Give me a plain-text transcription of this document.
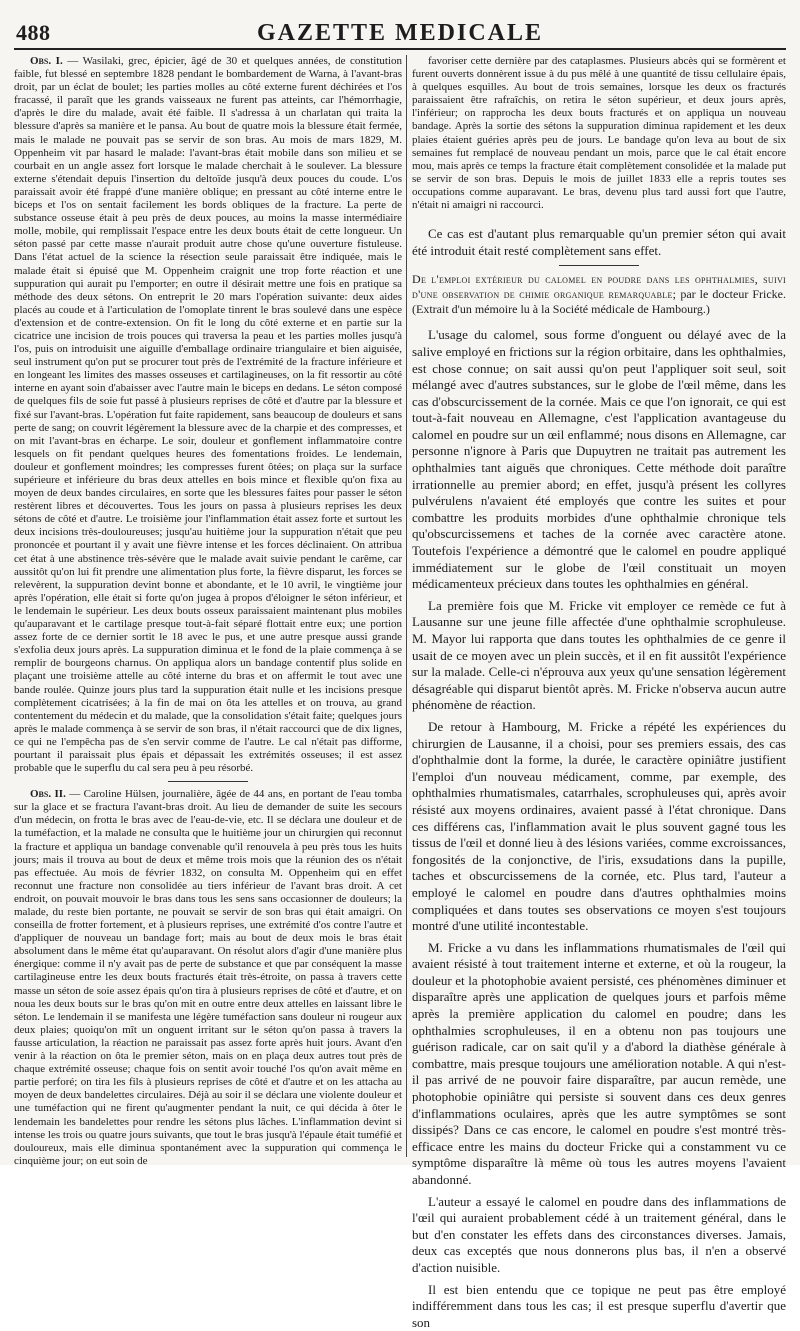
488	GAZETTE MEDICALE

Obs. I. — Wasilaki, grec, épicier, âgé de 30 et quelques années, de constitution faible, fut blessé en septembre 1828 pendant le bombardement de Warna, à l'avant-bras droit, par un éclat de boulet; les parties molles au côté externe furent déchirées et l'os fracassé, il paraît que les grands vaisseaux ne furent pas atteints, car l'hémorrhagie, d'après le dire du malade, avait été faible. Il s'adressa à un charlatan qui traita la blessure d'après sa manière et le pansa. Au bout de quatre mois la blessure était fermée, mais le malade ne pouvait pas se servir de son bras. Au mois de mars 1829, M. Oppenheim vit par hasard le malade: l'avant-bras était mobile dans son milieu et se courbait en un angle assez fort lorsque le malade cherchait à le soulever. La blessure externe s'étendait depuis l'insertion du deltoïde jusqu'à deux pouces du coude. L'os paraissait avoir été frappé d'une manière oblique; en pressant au côté interne entre le biceps et l'os on sentait facilement les bords obliques de la fracture. La perte de substance osseuse était à peu près de deux pouces, au moins la masse intermédiaire molle, mobile, qui remplissait l'espace entre les deux bouts était de cette longueur. Un séton passé par cette masse n'aurait produit autre chose qu'une ouverture fistuleuse. Dans l'état actuel de la science la résection seule paraissait être indiquée, mais le malade était si épuisé que M. Oppenheim craignit une trop forte réaction et une suppuration qui aurait pu l'emporter; en outre il désirait mettre une fois en pratique sa méthode des deux sétons. On entreprit le 20 mars l'opération suivante: deux aides placés au coude et à l'articulation de l'omoplate tinrent le bras soulevé dans une espèce d'extension et de contre-extension. On fit le long du côté externe et en partie sur la cicatrice une incision de trois pouces qui traversa la peau et les parties molles jusqu'à l'os, puis on introduisit une aiguille d'emballage ordinaire triangulaire et bien aiguisée, seul instrument qu'on put se procurer tout près de l'extrémité de la fracture inférieure et en longeant les limites des masses osseuses et cartilagineuses, on la fit ressortir au côté interne en ayant soin d'abaisser avec l'autre main le biceps en dedans. Le séton composé de quelques fils de soie fut passé à plusieurs reprises de côté et d'autre par la blessure et fixé sur l'avant-bras. L'opération fut faite rapidement, sans beaucoup de douleurs et sans perte de sang; on couvrit légèrement la blessure avec de la charpie et des compresses, et on mit l'avant-bras en écharpe. Le soir, douleur et gonflement inflammatoire contre lesquels on fit pendant quelques heures des fomentations froides. Le lendemain, douleur et gonflement moindres; les compresses furent ôtées; on plaça sur la surface supérieure et inférieure du bras deux attelles en bois mince et flexible qu'on fixa au moyen de deux bandes circulaires, en sorte que les blessures faites pour passer le séton restèrent libres et découvertes. Tous les jours on passa à plusieurs reprises les deux sétons de côté et d'autre. Le troisième jour l'inflammation était assez forte et surtout les deux incisions très-douloureuses; jusqu'au huitième jour la suppuration n'était que peu prononcée et pourtant il y avait une fièvre intense et les forces déclinaient. On attribua cet état à une abstinence très-sévère que le malade avait suivie pendant le carême, car aussitôt qu'on lui fit prendre une alimentation plus forte, la fièvre disparut, les forces se relevèrent, la suppuration devint bonne et abondante, et le 10 avril, le vingtième jour après l'opération, elle était si forte qu'on jugea à propos d'éloigner le séton inférieur, et le lendemain le supérieur. Les deux bouts osseux paraissaient maintenant plus mobiles qu'auparavant et le cartilage presque tout-à-fait séparé flottait entre eux; une portion assez forte de ce dernier sortit le 18 avec le pus, et une autre presque aussi grande s'exfolia deux jours après. La suppuration diminua et le fond de la plaie commença à se remplir de bourgeons charnus. On appliqua alors un bandage contentif plus solide en plaçant une troisième attelle au côté interne du bras et on affermit le tout avec une bande roulée. Quinze jours plus tard la suppuration était nulle et les incisions presque complètement cicatrisées; à la fin de mai on ôta les attelles et on trouva, au grand contentement du médecin et du malade, que la consolidation s'était faite; quelques jours après le malade commença à se servir de son bras, il n'était raccourci que de dix lignes, ce qui ne l'empêcha pas de s'en servir comme de l'autre. Le cal n'était pas difforme, pourtant il paraissait plus épais et dépassait les extrémités osseuses; il est assez probable que le superflu du cal sera peu à peu résorbé.

Obs. II. — Caroline Hülsen, journalière, âgée de 44 ans, en portant de l'eau tomba sur la glace et se fractura l'avant-bras droit. Au lieu de demander de suite les secours d'un médecin, on frotta le bras avec de l'eau-de-vie, etc. Il se déclara une douleur et de la tuméfaction, et la malade ne consulta que le huitième jour un chirurgien qui reconnut la fracture et appliqua un bandage convenable qu'il renouvela à peu près tous les huits jours; mais il trouva au bout de deux et même trois mois que la réunion des os n'était pas effectuée. Au mois de février 1832, on consulta M. Oppenheim qui en effet reconnut une fracture non consolidée au tiers inférieur de l'avant bras droit. A cet endroit, on pouvait mouvoir le bras dans tous les sens sans occasionner de douleurs; la malade, du reste bien portante, ne pouvait se servir de son bras qui était amaigri. On conseilla de frotter fortement, et à plusieurs reprises, une extrémité d'os contre l'autre et d'appliquer de nouveau un bandage fort; mais au bout de deux mois le bras était absolument dans le même état qu'auparavant. On résolut alors d'agir d'une manière plus énergique: comme il n'y avait pas de perte de substance et que par conséquent la masse cartilagineuse entre les deux bouts fracturés était très-étroite, on passa à travers cette masse un séton de soie assez épais qu'on tira à plusieurs reprises de côté et d'autre, et on noua les deux bouts sur le bras qu'on mit en outre entre deux attelles en laissant libre le séton. Le lendemain il se manifesta une légère tuméfaction sans douleur ni rougeur aux deux plaies; quoiqu'on mît un onguent irritant sur le séton qu'on passa à travers la fausse articulation, la réaction ne paraissait pas assez forte après huit jours. Avant d'en venir à la réaction on ôta le premier séton, mais on en plaça deux autres tout près de chaque extrémité osseuse; chaque fois on sentit avoir touché l'os qu'on avait même en partie perforé; on tira les fils à plusieurs reprises de côté et d'autre et on les attacha au moyen de deux bandelettes circulaires. Déjà au soir il se déclara une violente douleur et une tuméfaction qui ne firent qu'augmenter pendant la nuit, ce qui décida à ôter le lendemain les bandelettes pour rendre les sétons plus lâches. L'inflammation devint si intense les trois ou quatre jours suivants, que tout le bras jusqu'à l'épaule était tuméfié et douloureux, mais elle diminua spontanément avec la suppuration qui commença le cinquième jour; on eut soin de

favoriser cette dernière par des cataplasmes. Plusieurs abcès qui se formèrent et furent ouverts donnèrent issue à du pus mêlé à une quantité de tissu cellulaire épais, à quelques esquilles. Au bout de trois semaines, lorsque les deux os fracturés paraissaient être rafraîchis, on retira le séton supérieur, et deux jours après, l'inférieur; on rapprocha les deux bouts fracturés et on appliqua un nouveau bandage. Après la sortie des sétons la suppuration diminua rapidement et les deux plaies étaient guéries après peu de jours. Le bandage qu'on leva au bout de six semaines fut remplacé de nouveau pendant un mois, parce que le cal était encore mou, mais après ce temps la fracture était complètement consolidée et la malade put se servir de son bras. Depuis le mois de juillet 1833 elle a repris toutes ses occupations comme auparavant. Le bras, devenu plus tard aussi fort que l'autre, n'était ni amaigri ni raccourci.

Ce cas est d'autant plus remarquable qu'un premier séton qui avait été introduit était resté complètement sans effet.

De l'emploi extérieur du calomel en poudre dans les ophthalmies, suivi d'une observation de chimie organique remarquable; par le docteur Fricke. (Extrait d'un mémoire lu à la Société médicale de Hambourg.)

L'usage du calomel, sous forme d'onguent ou délayé avec de la salive employé en frictions sur la région orbitaire, dans les ophthalmies, est chose connue; on sait aussi qu'on peut l'appliquer soit seul, soit mélangé avec d'autres substances, sur le globe de l'œil même, dans les cas d'obscurcissement de la cornée. Mais ce que l'on ignorait, ce qui est tout-à-fait nouveau en Allemagne, c'est l'application avantageuse du calomel en poudre sur un œil enflammé; nous disons en Allemagne, car personne n'ignore à Paris que Dupuytren ne traitait pas autrement les ophthalmies tant aiguës que chroniques. Cette méthode doit paraître irrationnelle au premier abord; en effet, jusqu'à présent les collyres pulvérulens n'avaient été employés que contre les suites et pour combattre les produits morbides d'une ophthalmie chronique tels qu'obscurcissemens et taches de la cornée avec caractère atone. Toutefois l'expérience a démontré que le calomel en poudre appliqué immédiatement sur le globe de l'œil constituait un moyen médicamenteux précieux dans toutes les ophthalmies en général.

La première fois que M. Fricke vit employer ce remède ce fut à Lausanne sur une jeune fille affectée d'une ophthalmie scrophuleuse. M. Mayor lui rapporta que dans toutes les ophthalmies de ce genre il usait de ce moyen avec un plein succès, et il en fit aussitôt l'expérience sur la malade. Celle-ci n'éprouva aux yeux qu'une sensation légèrement désagréable qui disparut bientôt après. M. Fricke n'observa aucun autre phénomène de réaction.

De retour à Hambourg, M. Fricke a répété les expériences du chirurgien de Lausanne, il a choisi, pour ses premiers essais, des cas d'ophthalmie dont la forme, la durée, le caractère opiniâtre justifient l'emploi d'un nouveau médicament, comme, par exemple, des ophthalmies rhumatismales, catarrhales, scrophuleuses qui, après avoir résisté aux moyens ordinaires, avaient passé à l'état chronique. Dans ces différens cas, l'inflammation avait le plus souvent gagné tous les tissus de l'œil et donné lieu à des lésions variées, comme excroissances, fongosités de la conjonctive, de l'iris, exsudations dans la pupille, taches et obscurcissemens de la cornée, etc. Plus tard, l'auteur a employé le calomel en poudre dans d'autres ophthalmies moins compliquées et dans toutes ses observations ce moyen s'est toujours montré d'une utilité incontestable.

M. Fricke a vu dans les inflammations rhumatismales de l'œil qui avaient résisté à tout traitement interne et externe, et où la rougeur, la douleur et la photophobie avaient persisté, ces phénomènes diminuer et disparaître après une application de quelques jours et parfois même après la première application du calomel en poudre; dans les ophthalmies scrophuleuses, il en a obtenu non pas toujours une guérison radicale, car on sait qu'il y a d'abord la diathèse générale à combattre, mais presque toujours une amélioration notable. A qui n'est-il pas arrivé de ne pouvoir faire disparaître, par aucun remède, une photophobie opiniâtre qui persiste si souvent dans ces deux genres d'inflammations oculaires, après que les autre symptômes se sont dissipés? Dans ce cas encore, le calomel en poudre s'est montré très-efficace entre les mains du docteur Fricke qui a constamment vu ce symptôme disparaître là même où tous les autres moyens l'avaient abandonné.

L'auteur a essayé le calomel en poudre dans des inflammations de l'œil qui auraient probablement cédé à un traitement général, dans le but d'en constater les effets dans des circonstances diverses. Jamais, deux cas exceptés que nous donnerons plus bas, il n'en a observé d'action nuisible.

Il est bien entendu que ce topique ne peut pas être employé indifféremment dans tous les cas; il est presque superflu d'avertir que son
